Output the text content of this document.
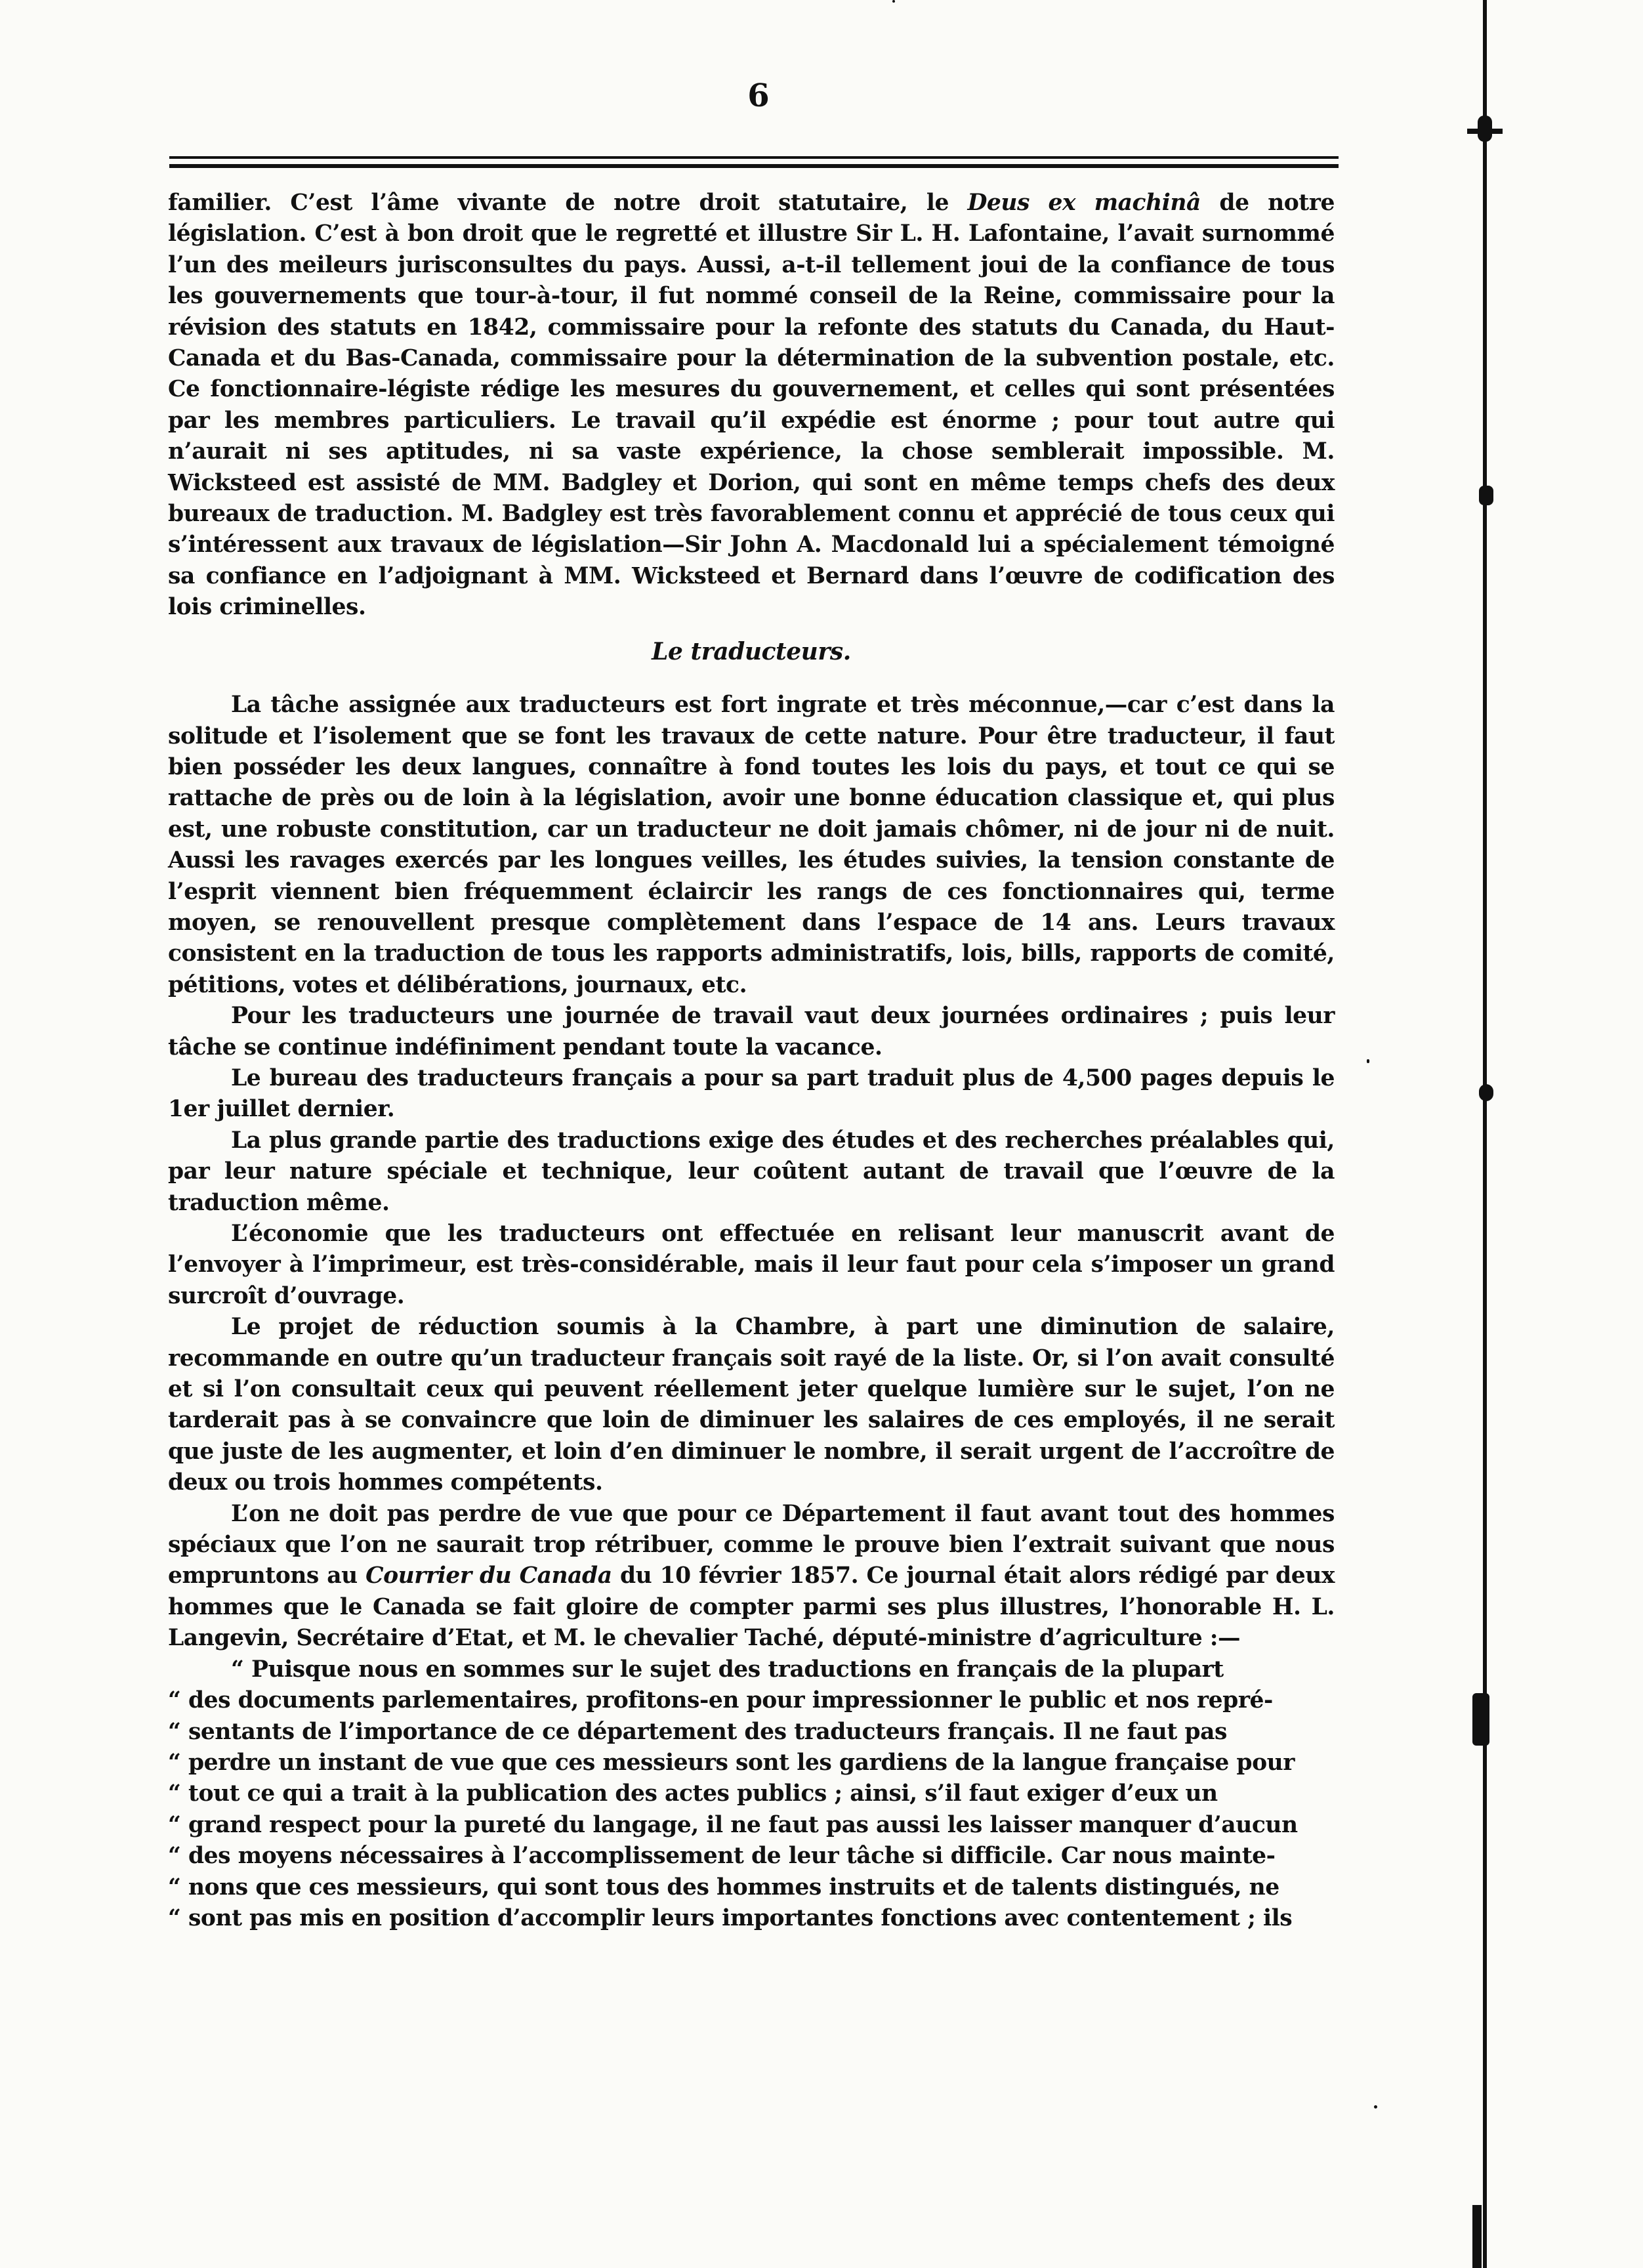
6

familier. C’est l’âme vivante de notre droit statutaire, le Deus ex machinâ de notre législation. C’est à bon droit que le regretté et illustre Sir L. H. Lafontaine, l’avait surnommé l’un des meileurs jurisconsultes du pays. Aussi, a-t-il tellement joui de la confiance de tous les gouvernements que tour-à-tour, il fut nommé conseil de la Reine, commissaire pour la révision des statuts en 1842, commissaire pour la refonte des statuts du Canada, du Haut-Canada et du Bas-Canada, commissaire pour la détermination de la subvention postale, etc. Ce fonctionnaire-légiste rédige les mesures du gouvernement, et celles qui sont présentées par les membres particuliers. Le travail qu’il expédie est énorme ; pour tout autre qui n’aurait ni ses aptitudes, ni sa vaste expérience, la chose semblerait impossible. M. Wicksteed est assisté de MM. Badgley et Dorion, qui sont en même temps chefs des deux bureaux de traduction. M. Badgley est très favorablement connu et apprécié de tous ceux qui s’intéressent aux travaux de législation—Sir John A. Macdonald lui a spécialement témoigné sa confiance en l’adjoignant à MM. Wicksteed et Bernard dans l’œuvre de codification des lois criminelles.

Le traducteurs.

La tâche assignée aux traducteurs est fort ingrate et très méconnue,—car c’est dans la solitude et l’isolement que se font les travaux de cette nature. Pour être traducteur, il faut bien posséder les deux langues, connaître à fond toutes les lois du pays, et tout ce qui se rattache de près ou de loin à la législation, avoir une bonne éducation classique et, qui plus est, une robuste constitution, car un traducteur ne doit jamais chômer, ni de jour ni de nuit. Aussi les ravages exercés par les longues veilles, les études suivies, la tension constante de l’esprit viennent bien fréquemment éclaircir les rangs de ces fonctionnaires qui, terme moyen, se renouvellent presque complètement dans l’espace de 14 ans. Leurs travaux consistent en la traduction de tous les rapports administratifs, lois, bills, rapports de comité, pétitions, votes et délibérations, journaux, etc.

Pour les traducteurs une journée de travail vaut deux journées ordinaires ; puis leur tâche se continue indéfiniment pendant toute la vacance.

Le bureau des traducteurs français a pour sa part traduit plus de 4,500 pages depuis le 1er juillet dernier.

La plus grande partie des traductions exige des études et des recherches préalables qui, par leur nature spéciale et technique, leur coûtent autant de travail que l’œuvre de la traduction même.

L’économie que les traducteurs ont effectuée en relisant leur manuscrit avant de l’envoyer à l’imprimeur, est très-considérable, mais il leur faut pour cela s’imposer un grand surcroît d’ouvrage.

Le projet de réduction soumis à la Chambre, à part une diminution de salaire, recommande en outre qu’un traducteur français soit rayé de la liste. Or, si l’on avait consulté et si l’on consultait ceux qui peuvent réellement jeter quelque lumière sur le sujet, l’on ne tarderait pas à se convaincre que loin de diminuer les salaires de ces employés, il ne serait que juste de les augmenter, et loin d’en diminuer le nombre, il serait urgent de l’accroître de deux ou trois hommes compétents.

L’on ne doit pas perdre de vue que pour ce Département il faut avant tout des hommes spéciaux que l’on ne saurait trop rétribuer, comme le prouve bien l’extrait suivant que nous empruntons au Courrier du Canada du 10 février 1857. Ce journal était alors rédigé par deux hommes que le Canada se fait gloire de compter parmi ses plus illustres, l’honorable H. L. Langevin, Secrétaire d’Etat, et M. le chevalier Taché, député-ministre d’agriculture :—

“ Puisque nous en sommes sur le sujet des traductions en français de la plupart
“ des documents parlementaires, profitons-en pour impressionner le public et nos repré-
“ sentants de l’importance de ce département des traducteurs français. Il ne faut pas
“ perdre un instant de vue que ces messieurs sont les gardiens de la langue française pour
“ tout ce qui a trait à la publication des actes publics ; ainsi, s’il faut exiger d’eux un
“ grand respect pour la pureté du langage, il ne faut pas aussi les laisser manquer d’aucun
“ des moyens nécessaires à l’accomplissement de leur tâche si difficile. Car nous mainte-
“ nons que ces messieurs, qui sont tous des hommes instruits et de talents distingués, ne
“ sont pas mis en position d’accomplir leurs importantes fonctions avec contentement ; ils
